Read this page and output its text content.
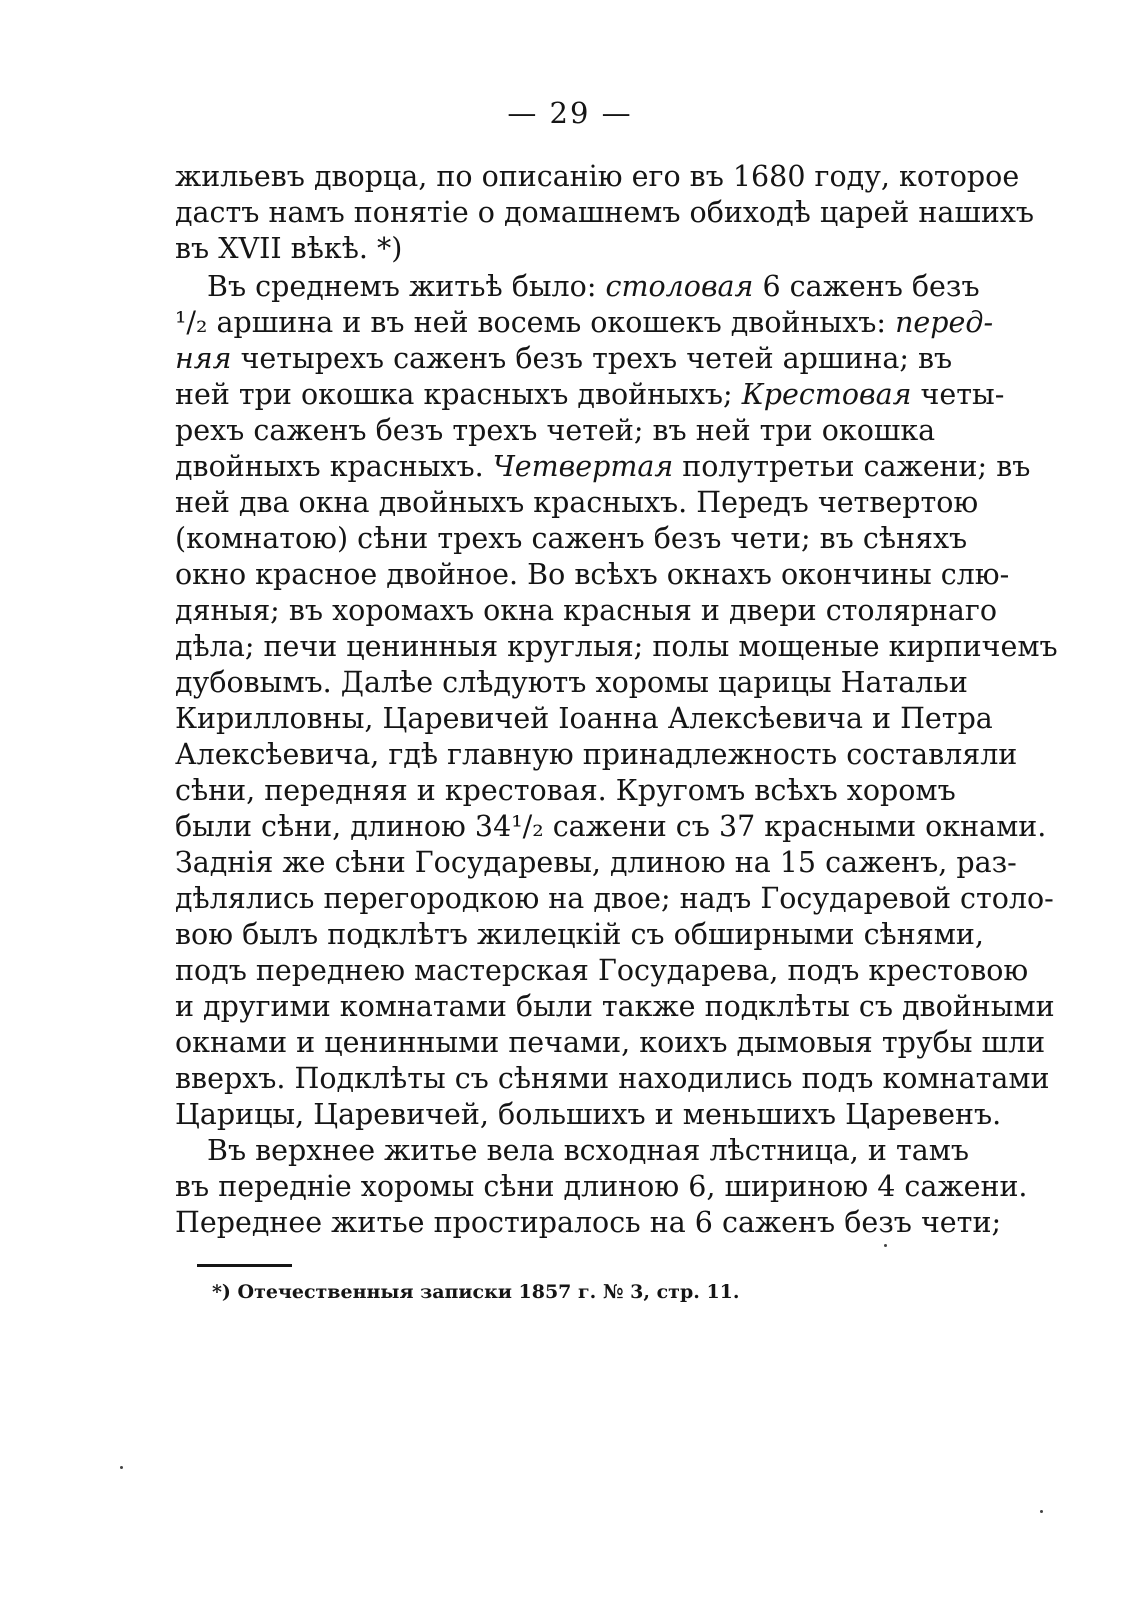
— 29 —
жильевъ дворца, по описанію его въ 1680 году, которое
дастъ намъ понятіе о домашнемъ обиходѣ царей нашихъ
въ XVII вѣкѣ. *)
Въ среднемъ житьѣ было: столовая 6 саженъ безъ
¹/₂ аршина и въ ней восемь окошекъ двойныхъ: перед-
няя четырехъ саженъ безъ трехъ четей аршина; въ
ней три окошка красныхъ двойныхъ; Крестовая четы-
рехъ саженъ безъ трехъ четей; въ ней три окошка
двойныхъ красныхъ. Четвертая полутретьи сажени; въ
ней два окна двойныхъ красныхъ. Передъ четвертою
(комнатою) сѣни трехъ саженъ безъ чети; въ сѣняхъ
окно красное двойное. Во всѣхъ окнахъ окончины слю-
дяныя; въ хоромахъ окна красныя и двери столярнаго
дѣла; печи ценинныя круглыя; полы мощеные кирпичемъ
дубовымъ. Далѣе слѣдуютъ хоромы царицы Натальи
Кирилловны, Царевичей Іоанна Алексѣевича и Петра
Алексѣевича, гдѣ главную принадлежность составляли
сѣни, передняя и крестовая. Кругомъ всѣхъ хоромъ
были сѣни, длиною 34¹/₂ сажени съ 37 красными окнами.
Заднія же сѣни Государевы, длиною на 15 саженъ, раз-
дѣлялись перегородкою на двое; надъ Государевой столо-
вою былъ подклѣтъ жилецкій съ обширными сѣнями,
подъ переднею мастерская Государева, подъ крестовою
и другими комнатами были также подклѣты съ двойными
окнами и ценинными печами, коихъ дымовыя трубы шли
вверхъ. Подклѣты съ сѣнями находились подъ комнатами
Царицы, Царевичей, большихъ и меньшихъ Царевенъ.
Въ верхнее житье вела всходная лѣстница, и тамъ
въ передніе хоромы сѣни длиною 6, шириною 4 сажени.
Переднее житье простиралось на 6 саженъ безъ чети;
*) Отечественныя записки 1857 г. № 3, стр. 11.
